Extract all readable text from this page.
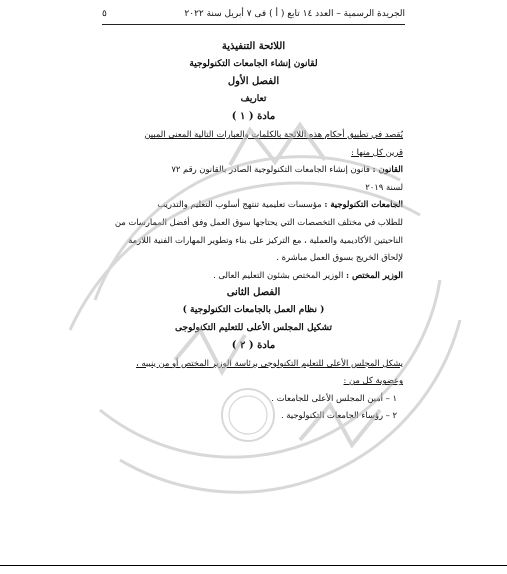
الجريدة الرسمية – العدد ١٤ تابع ( أ ) فى ٧ أبريل سنة ٢٠٢٢
٥

اللائحة التنفيذية

لقانون إنشاء الجامعات التكنولوجية

الفصل الأول

تعاريف

مادة ( ١ )

يُقصد في تطبيق أحكام هذه اللائحة بالكلمات والعبارات التالية المعنى المبين

قرين كل منها :

القانون : قانون إنشاء الجامعات التكنولوجية الصادر بالقانون رقم ٧٢

لسنة ٢٠١٩

الجامعات التكنولوجية : مؤسسات تعليمية تنتهج أسلوب التعليم والتدريب

للطلاب في مختلف التخصصات التي يحتاجها سوق العمل وفق أفضل الممارسات من

الناحيتين الأكاديمية والعملية ، مع التركيز على بناء وتطوير المهارات الفنية اللازمة

لإلحاق الخريج بسوق العمل مباشرة .

الوزير المختص : الوزير المختص بشئون التعليم العالى .

الفصل الثانى

( نظام العمل بالجامعات التكنولوجية )

تشكيل المجلس الأعلى للتعليم التكنولوجى

مادة ( ٢ )

يشكل المجلس الأعلى للتعليم التكنولوجى برئاسة الوزير المختص أو من ينيبه ،

وعضوية كل من :

١ – أمين المجلس الأعلى للجامعات .

٢ – رؤساء الجامعات التكنولوجية .
